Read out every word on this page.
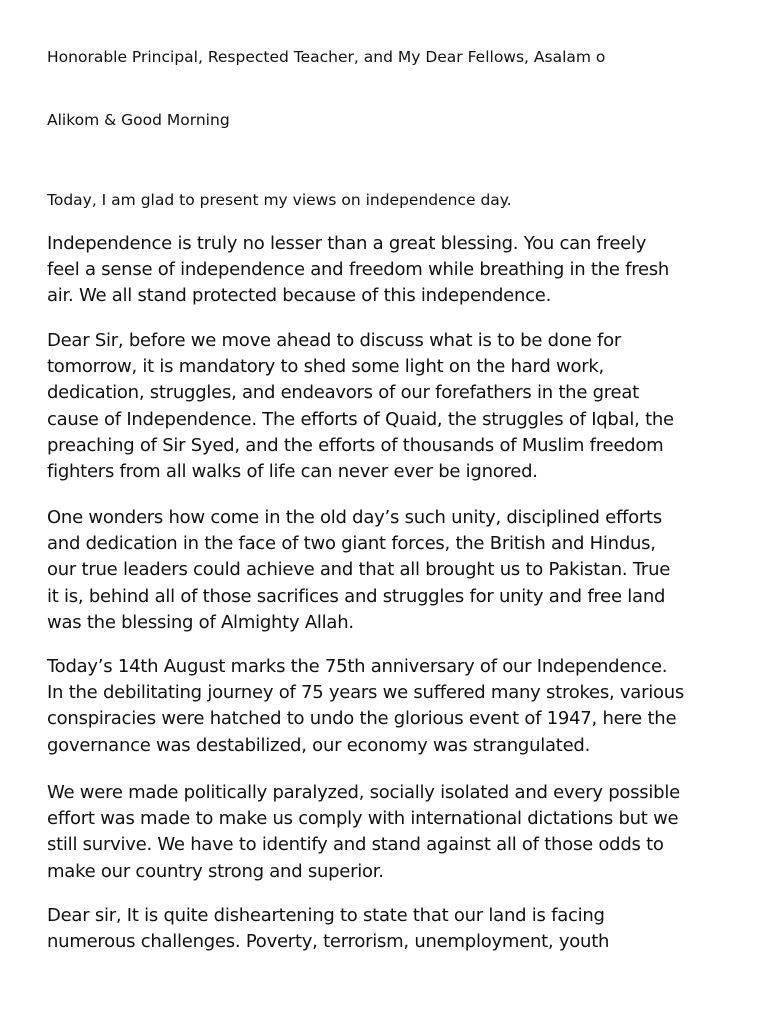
Honorable Principal, Respected Teacher, and My Dear Fellows, Asalam o
Alikom & Good Morning
Today, I am glad to present my views on independence day.
Independence is truly no lesser than a great blessing. You can freely
feel a sense of independence and freedom while breathing in the fresh
air. We all stand protected because of this independence.
Dear Sir, before we move ahead to discuss what is to be done for
tomorrow, it is mandatory to shed some light on the hard work,
dedication, struggles, and endeavors of our forefathers in the great
cause of Independence. The efforts of Quaid, the struggles of Iqbal, the
preaching of Sir Syed, and the efforts of thousands of Muslim freedom
fighters from all walks of life can never ever be ignored.
One wonders how come in the old day’s such unity, disciplined efforts
and dedication in the face of two giant forces, the British and Hindus,
our true leaders could achieve and that all brought us to Pakistan. True
it is, behind all of those sacrifices and struggles for unity and free land
was the blessing of Almighty Allah.
Today’s 14th August marks the 75th anniversary of our Independence.
In the debilitating journey of 75 years we suffered many strokes, various
conspiracies were hatched to undo the glorious event of 1947, here the
governance was destabilized, our economy was strangulated.
We were made politically paralyzed, socially isolated and every possible
effort was made to make us comply with international dictations but we
still survive. We have to identify and stand against all of those odds to
make our country strong and superior.
Dear sir, It is quite disheartening to state that our land is facing
numerous challenges. Poverty, terrorism, unemployment, youth
